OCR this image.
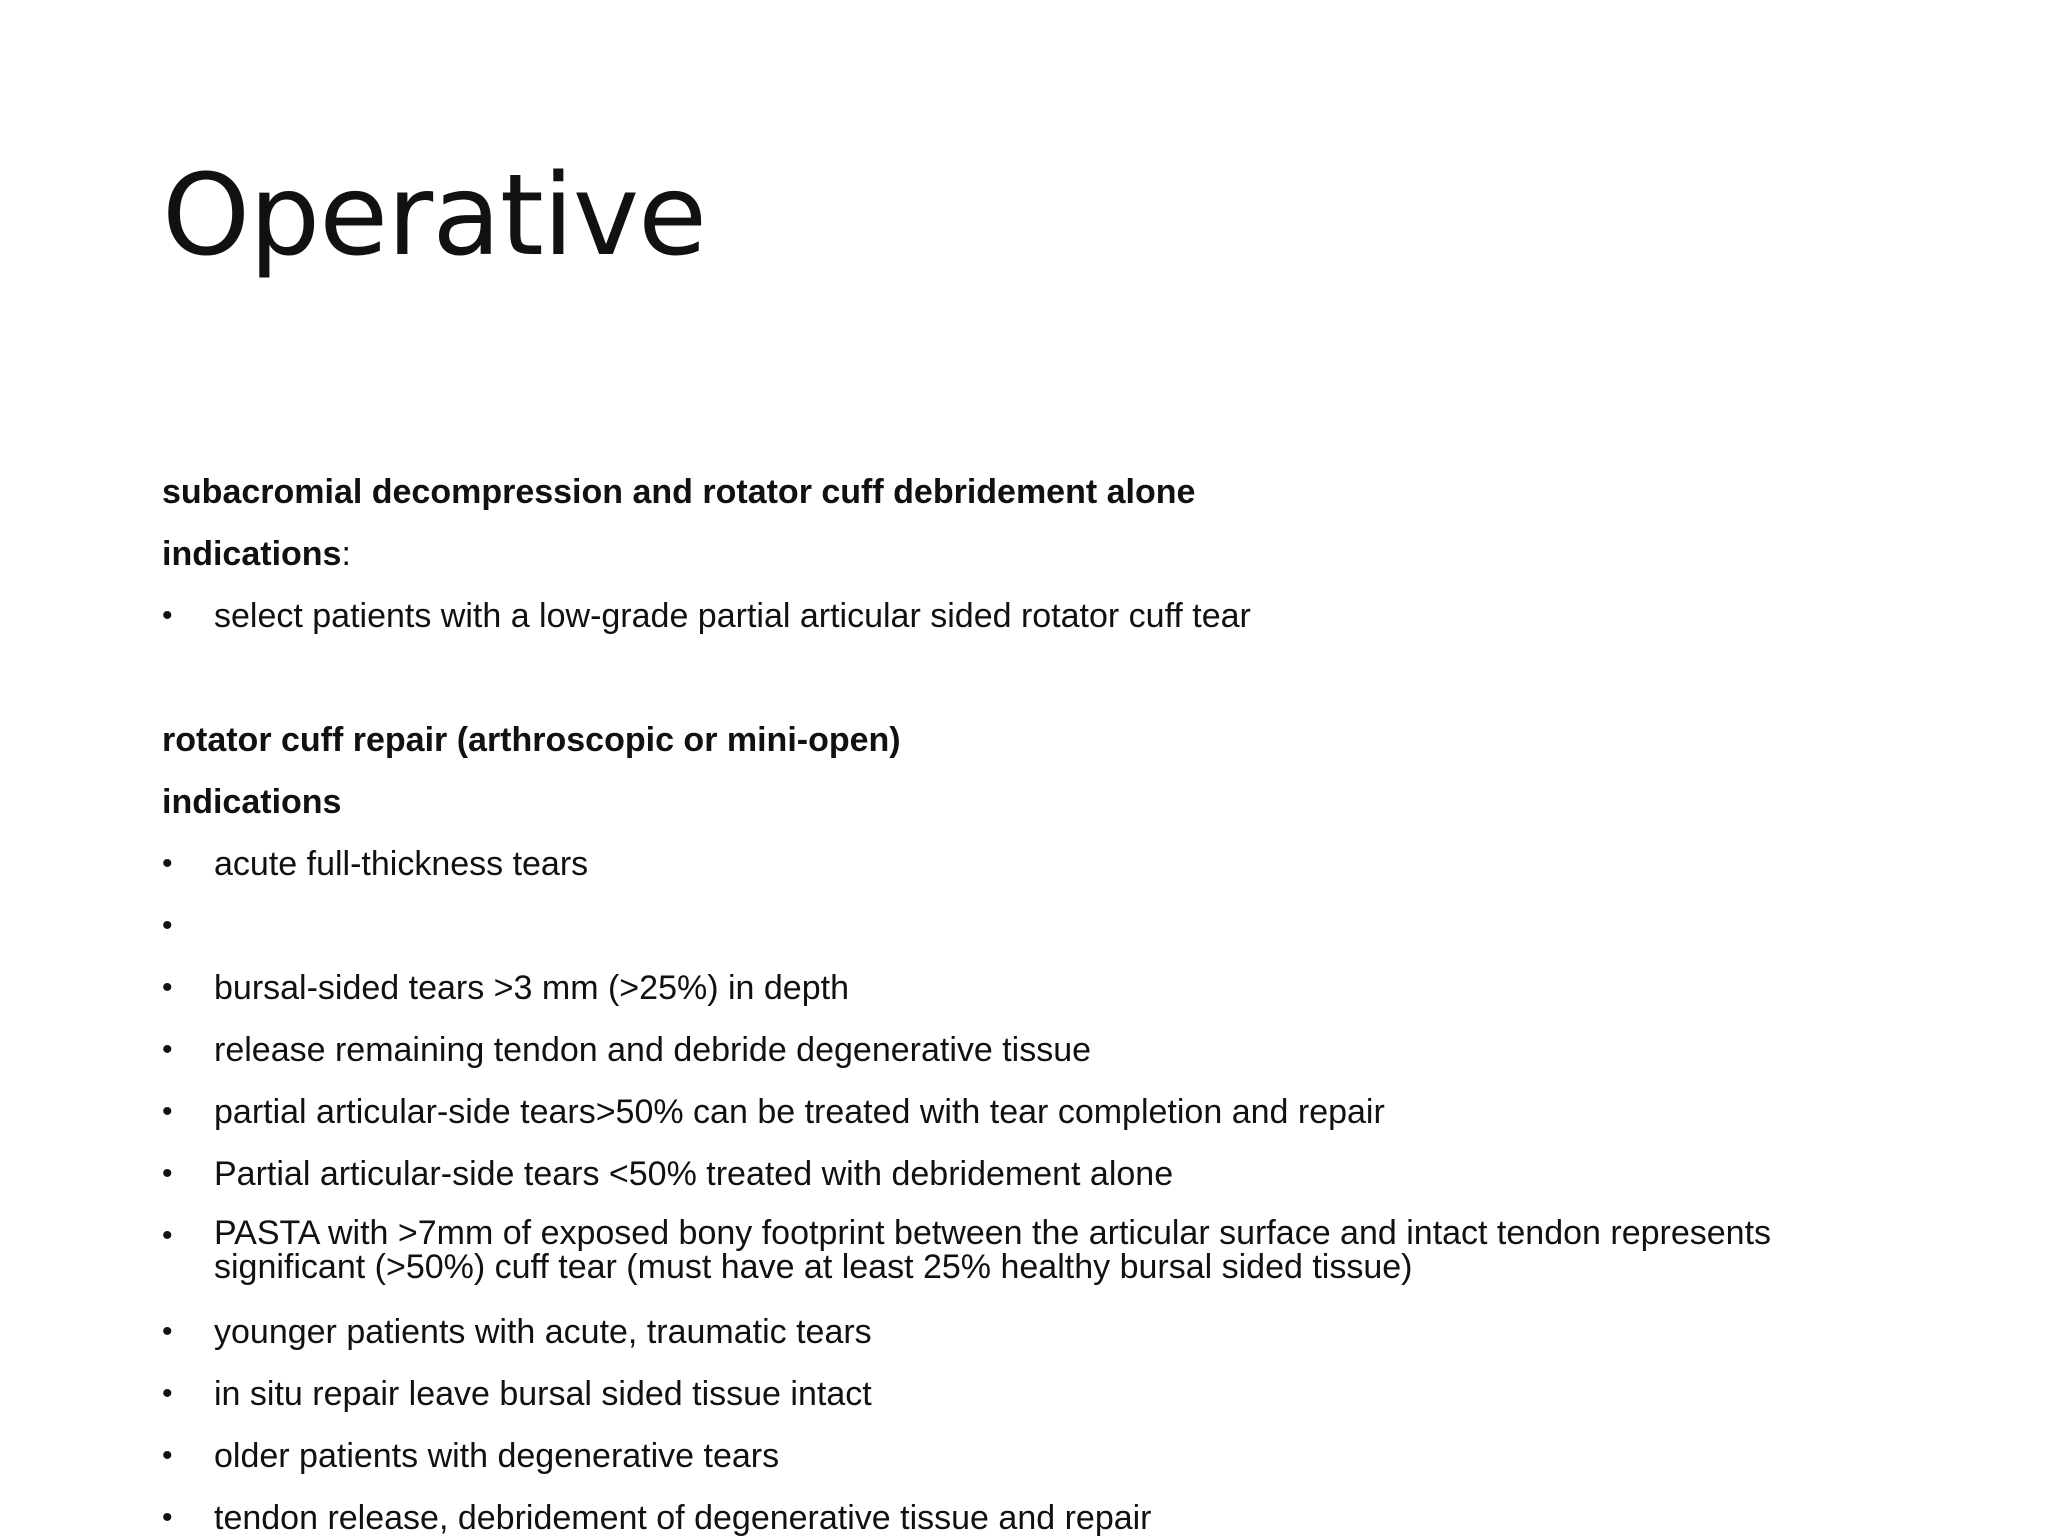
Operative
subacromial decompression and rotator cuff debridement alone
indications:
• select patients with a low-grade partial articular sided rotator cuff tear
rotator cuff repair (arthroscopic or mini-open)
indications
• acute full-thickness tears
•
• bursal-sided tears >3 mm (>25%) in depth
• release remaining tendon and debride degenerative tissue
• partial articular-side tears>50% can be treated with tear completion and repair
• Partial articular-side tears <50% treated with debridement alone
• PASTA with >7mm of exposed bony footprint between the articular surface and intact tendon represents significant (>50%) cuff tear (must have at least 25% healthy bursal sided tissue)
• younger patients with acute, traumatic tears
• in situ repair leave bursal sided tissue intact
• older patients with degenerative tears
• tendon release, debridement of degenerative tissue and repair
